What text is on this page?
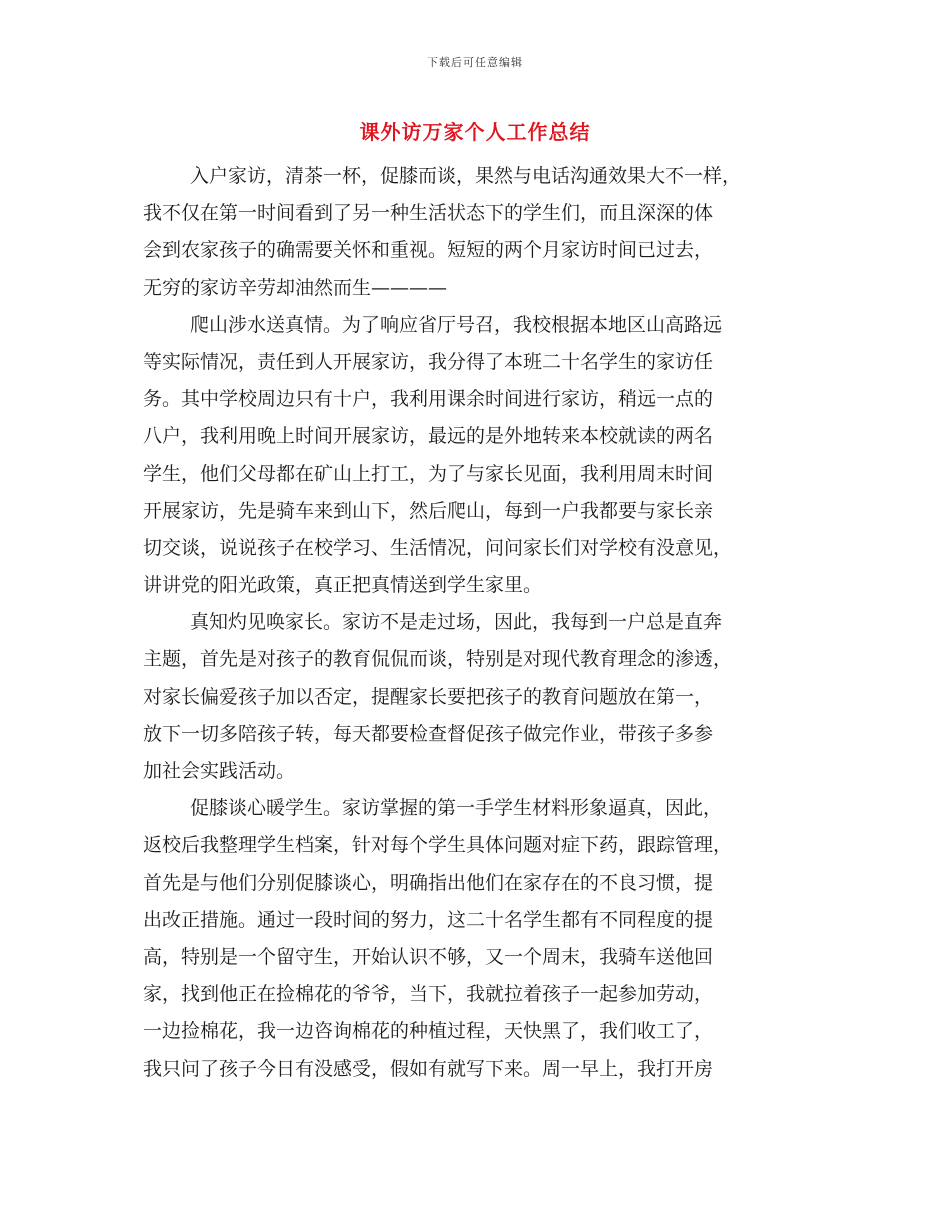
下载后可任意编辑
课外访万家个人工作总结
入户家访，清茶一杯，促膝而谈，果然与电话沟通效果大不一样，
我不仅在第一时间看到了另一种生活状态下的学生们，而且深深的体
会到农家孩子的确需要关怀和重视。短短的两个月家访时间已过去，
无穷的家访辛劳却油然而生————
爬山涉水送真情。为了响应省厅号召，我校根据本地区山高路远
等实际情况，责任到人开展家访，我分得了本班二十名学生的家访任
务。其中学校周边只有十户，我利用课余时间进行家访，稍远一点的
八户，我利用晚上时间开展家访，最远的是外地转来本校就读的两名
学生，他们父母都在矿山上打工，为了与家长见面，我利用周末时间
开展家访，先是骑车来到山下，然后爬山，每到一户我都要与家长亲
切交谈，说说孩子在校学习、生活情况，问问家长们对学校有没意见，
讲讲党的阳光政策，真正把真情送到学生家里。
真知灼见唤家长。家访不是走过场，因此，我每到一户总是直奔
主题，首先是对孩子的教育侃侃而谈，特别是对现代教育理念的渗透，
对家长偏爱孩子加以否定，提醒家长要把孩子的教育问题放在第一，
放下一切多陪孩子转，每天都要检查督促孩子做完作业，带孩子多参
加社会实践活动。
促膝谈心暖学生。家访掌握的第一手学生材料形象逼真，因此，
返校后我整理学生档案，针对每个学生具体问题对症下药，跟踪管理，
首先是与他们分别促膝谈心，明确指出他们在家存在的不良习惯，提
出改正措施。通过一段时间的努力，这二十名学生都有不同程度的提
高，特别是一个留守生，开始认识不够，又一个周末，我骑车送他回
家，找到他正在捡棉花的爷爷，当下，我就拉着孩子一起参加劳动，
一边捡棉花，我一边咨询棉花的种植过程，天快黑了，我们收工了，
我只问了孩子今日有没感受，假如有就写下来。周一早上，我打开房
